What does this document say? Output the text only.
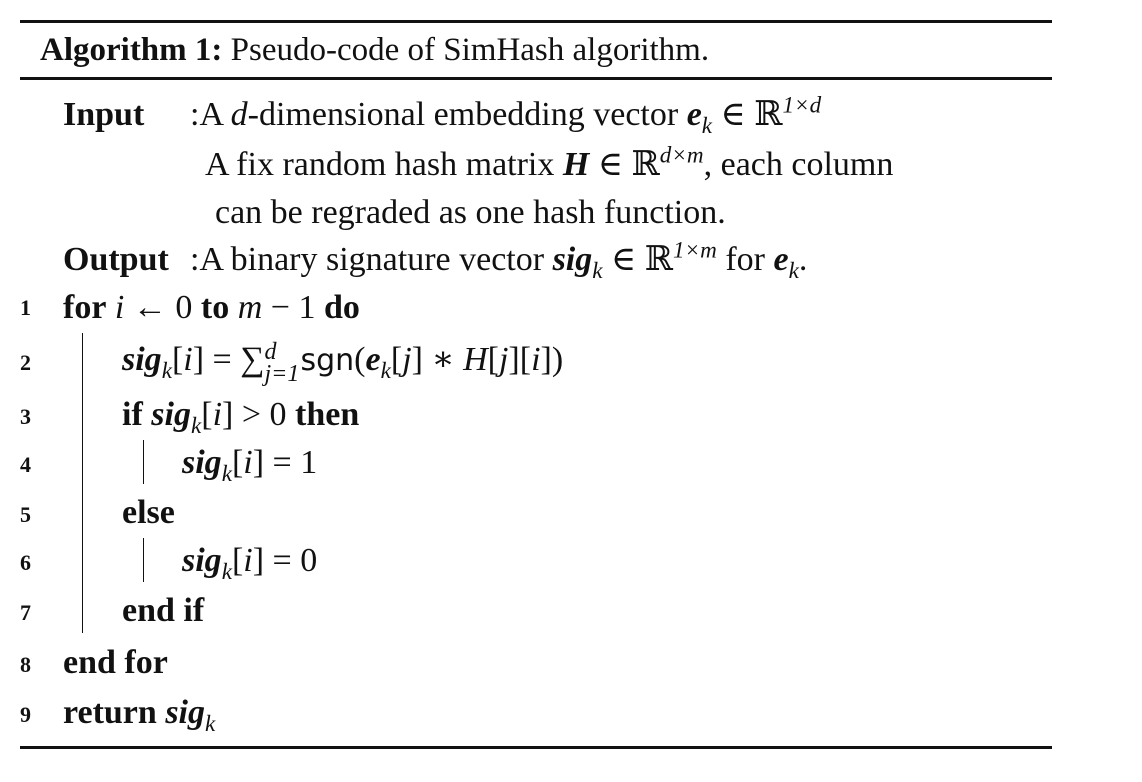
Algorithm 1: Pseudo-code of SimHash algorithm.
Input :A d-dimensional embedding vector $e_k$ ∈ ℝ$^{1\times d}$
A fix random hash matrix H ∈ ℝ$^{d\times m}$, each column
can be regraded as one hash function.
Output :A binary signature vector sig$_k$ ∈ ℝ$^{1\times m}$ for $e_k$.
1
2
3
4
5
6
7
8
9
for i ← 0 to m − 1 do
sig$_k$[i] = ∑ d
j=1 $sgn(e_k[j]$ ∗ H[j][i])
if sig$_k$[i] > 0 then
sig$_k$[i] = 1
else
sig$_k$[i] = 0
end if
end for
return sig$_k$
